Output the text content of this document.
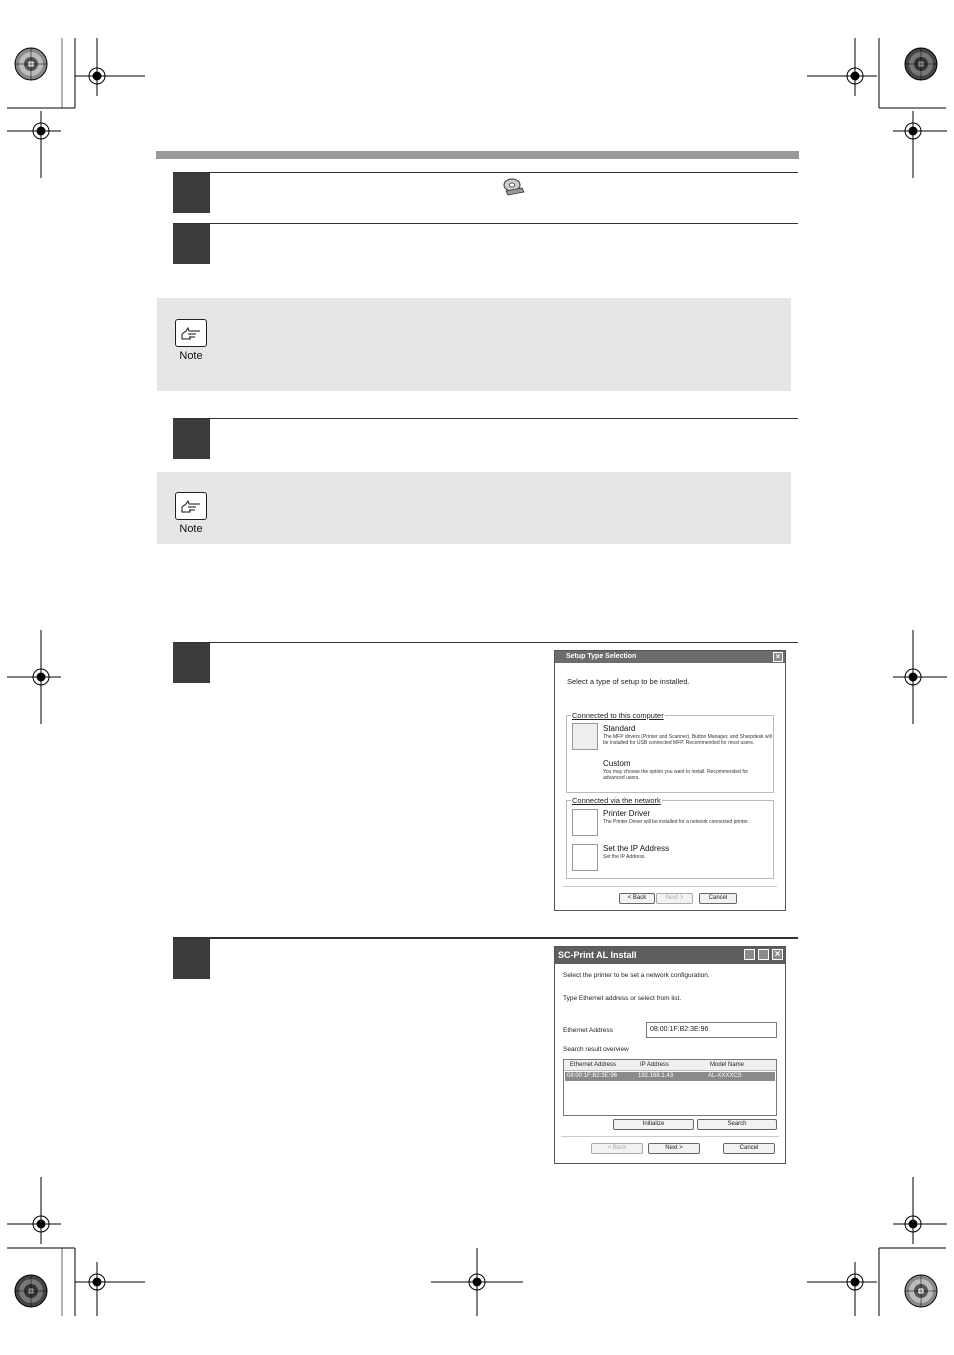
Note
Note
Setup Type Selection	×
Select a type of setup to be installed.
Connected to this computer
Standard
The MFP drivers (Printer and Scanner), Button Manager, and Sharpdesk will be installed for USB connected MFP. Recommended for most users.
Custom
You may choose the option you want to install. Recommended for advanced users.
Connected via the network
Printer Driver
The Printer Driver will be installed for a network connected printer.
Set the IP Address
Set the IP Address.
< Back	Next >	Cancel
SC-Print AL Install	×
Select the printer to be set a network configuration.
Type Ethernet address or select from list.
Ethernet Address	08:00:1F:B2:3E:96
Search result overview
Ethernet Address	IP Address	Model Name
08:00:1F:B2:3E:96	192.168.1.43	AL-XXXXCS
Initialize	Search
< Back	Next >	Cancel
